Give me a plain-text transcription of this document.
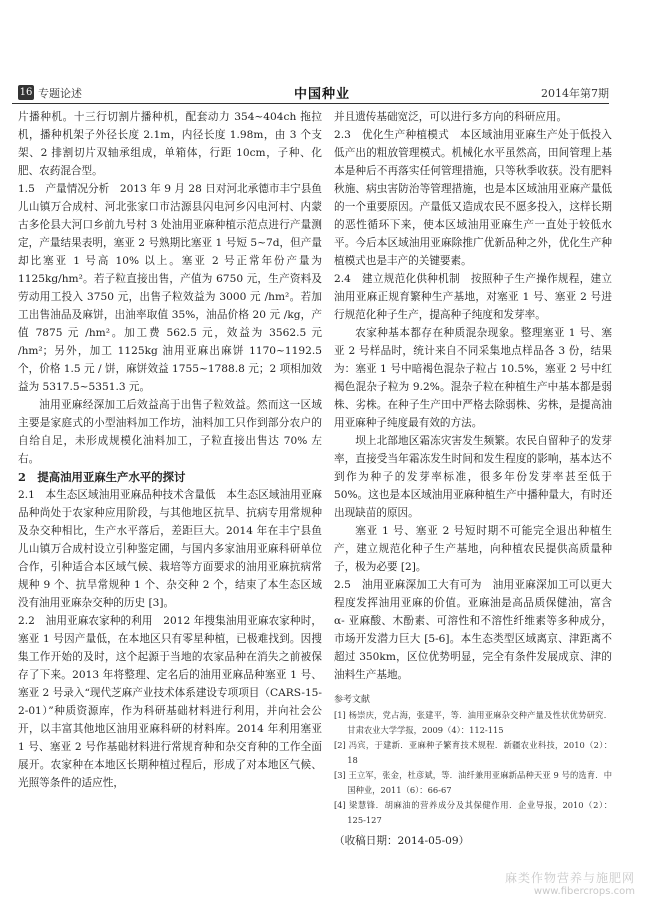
16 专题论述	中国种业	2014年第7期

片播种机。十三行切割片播种机，配套动力 354~404ch 拖拉机，播种机架子外径长度 2.1m，内径长度 1.98m，由 3 个支架、2 排割切片双轴承组成，单箱体，行距 10cm，子种、化肥、农药混合型。

1.5　产量情况分析　2013 年 9 月 28 日对河北承德市丰宁县鱼儿山镇万合成村、河北张家口市沽源县闪电河乡闪电河村、内蒙古多伦县大河口乡前九号村 3 处油用亚麻种植示范点进行产量测定，产量结果表明，塞亚 2 号熟期比塞亚 1 号短 5~7d，但产量却比塞亚 1 号高 10% 以上。塞亚 2 号正常年份产量为 1125kg/hm²。若子粒直接出售，产值为 6750 元，生产资料及劳动用工投入 3750 元，出售子粒效益为 3000 元 /hm²。若加工出售油品及麻饼，出油率取值 35%，油品价格 20 元 /kg，产值 7875 元 /hm²。加工费 562.5 元，效益为 3562.5 元 /hm²；另外，加工 1125kg 油用亚麻出麻饼 1170~1192.5 个，价格 1.5 元 / 饼，麻饼效益 1755~1788.8 元；2 项相加效益为 5317.5~5351.3 元。

油用亚麻经深加工后效益高于出售子粒效益。然而这一区域主要是家庭式的小型油料加工作坊，油料加工只作到部分农户的自给自足，未形成规模化油料加工，子粒直接出售达 70% 左右。

2　提高油用亚麻生产水平的探讨

2.1　本生态区域油用亚麻品种技术含量低　本生态区域油用亚麻品种尚处于农家种应用阶段，与其他地区抗旱、抗病专用常规种及杂交种相比，生产水平落后，差距巨大。2014 年在丰宁县鱼儿山镇万合成村设立引种鉴定圃，与国内多家油用亚麻科研单位合作，引种适合本区域气候、栽培等方面要求的油用亚麻抗病常规种 9 个、抗旱常规种 1 个、杂交种 2 个，结束了本生态区域没有油用亚麻杂交种的历史 [3]。

2.2　油用亚麻农家种的利用　2012 年搜集油用亚麻农家种时，塞亚 1 号因产量低，在本地区只有零星种植，已极难找到。因搜集工作开始的及时，这个起源于当地的农家品种在消失之前被保存了下来。2013 年将整理、定名后的油用亚麻品种塞亚 1 号、塞亚 2 号录入“现代芝麻产业技术体系建设专项项目（CARS-15-2-01）”种质资源库，作为科研基础材料进行利用，并向社会公开，以丰富其他地区油用亚麻科研的材料库。2014 年利用塞亚 1 号、塞亚 2 号作基础材料进行常规育种和杂交育种的工作全面展开。农家种在本地区长期种植过程后，形成了对本地区气候、光照等条件的适应性，

并且遗传基础宽泛，可以进行多方向的科研应用。

2.3　优化生产种植模式　本区域油用亚麻生产处于低投入低产出的粗放管理模式。机械化水平虽然高，田间管理上基本是种后不再落实任何管理措施，只等秋季收获。没有肥料秋施、病虫害防治等管理措施，也是本区域油用亚麻产量低的一个重要原因。产量低又造成农民不愿多投入，这样长期的恶性循环下来，使本区域油用亚麻生产一直处于较低水平。今后本区域油用亚麻除推广优新品种之外，优化生产种植模式也是丰产的关键要素。

2.4　建立规范化供种机制　按照种子生产操作规程，建立油用亚麻正规育繁种生产基地，对塞亚 1 号、塞亚 2 号进行规范化种子生产，提高种子纯度和发芽率。

农家种基本都存在种质混杂现象。整理塞亚 1 号、塞亚 2 号样品时，统计来自不同采集地点样品各 3 份，结果为：塞亚 1 号中暗褐色混杂子粒占 10.5%，塞亚 2 号中红褐色混杂子粒为 9.2%。混杂子粒在种植生产中基本都是弱株、劣株。在种子生产田中严格去除弱株、劣株，是提高油用亚麻种子纯度最有效的方法。

坝上北部地区霜冻灾害发生频繁。农民自留种子的发芽率，直接受当年霜冻发生时间和发生程度的影响，基本达不到作为种子的发芽率标准，很多年份发芽率甚至低于 50%。这也是本区域油用亚麻种植生产中播种量大，有时还出现缺苗的原因。

塞亚 1 号、塞亚 2 号短时期不可能完全退出种植生产，建立规范化种子生产基地，向种植农民提供高质量种子，极为必要 [2]。

2.5　油用亚麻深加工大有可为　油用亚麻深加工可以更大程度发挥油用亚麻的价值。亚麻油是高品质保健油，富含 α- 亚麻酸、木酚素、可溶性和不溶性纤维素等多种成分，市场开发潜力巨大 [5-6]。本生态类型区域离京、津距离不超过 350km，区位优势明显，完全有条件发展成京、津的油料生产基地。

参考文献

[1] 杨崇庆，党占海，张建平，等．油用亚麻杂交种产量及性状优势研究．甘肃农业大学学报，2009（4）：112-115

[2] 冯宾，于建新．亚麻种子繁育技术规程．新疆农业科技，2010（2）：18

[3] 王立军，张金，杜彦斌，等．油纤兼用亚麻新品种天亚 9 号的选育．中国种业，2011（6）：66-67

[4] 梁慧锋．胡麻油的营养成分及其保健作用．企业导报，2010（2）：125-127

（收稿日期：2014-05-09）

麻类作物营养与施肥网
www.fibercrops.com
